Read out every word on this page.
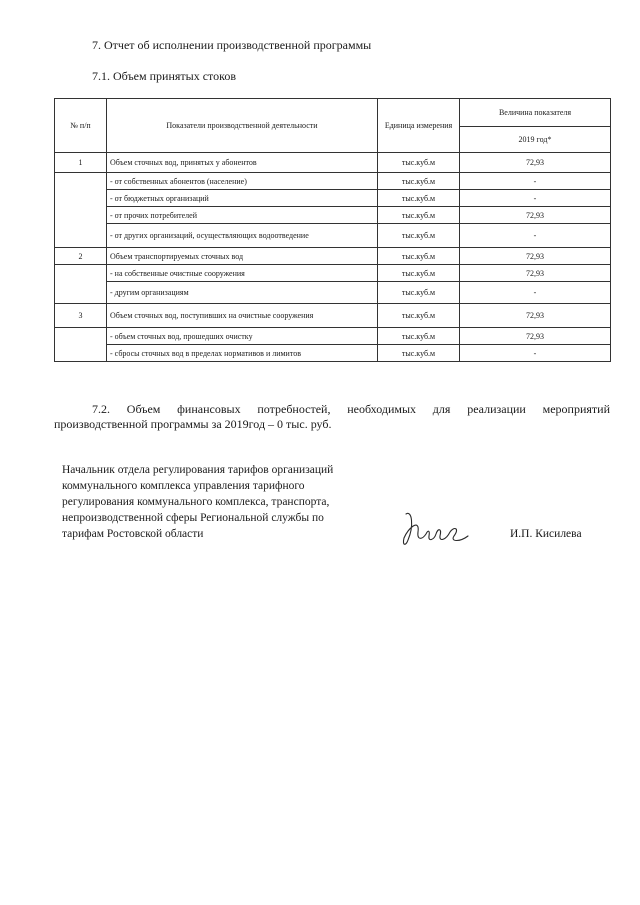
7. Отчет об исполнении производственной программы
7.1. Объем принятых стоков
№ п/п	Показатели производственной деятельности	Единица измерения	Величина показателя
			2019 год*
1	Объем сточных вод, принятых у абонентов	тыс.куб.м	72,93
	- от собственных абонентов (население)	тыс.куб.м	-
	- от бюджетных организаций	тыс.куб.м	-
	- от прочих потребителей	тыс.куб.м	72,93
	- от других организаций, осуществляющих водоотведение	тыс.куб.м	-
2	Объем транспортируемых сточных вод	тыс.куб.м	72,93
	- на собственные очистные сооружения	тыс.куб.м	72,93
	- другим организациям	тыс.куб.м	-
3	Объем сточных вод, поступивших на очистные сооружения	тыс.куб.м	72,93
	- объем сточных вод, прошедших очистку	тыс.куб.м	72,93
	- сбросы сточных вод в пределах нормативов и лимитов	тыс.куб.м	-
7.2. Объем финансовых потребностей, необходимых для реализации мероприятий производственной программы за 2019год – 0 тыс. руб.
Начальник отдела регулирования тарифов организаций
коммунального комплекса управления тарифного
регулирования коммунального комплекса, транспорта,
непроизводственной сферы Региональной службы по
тарифам Ростовской области	И.П. Кисилева
